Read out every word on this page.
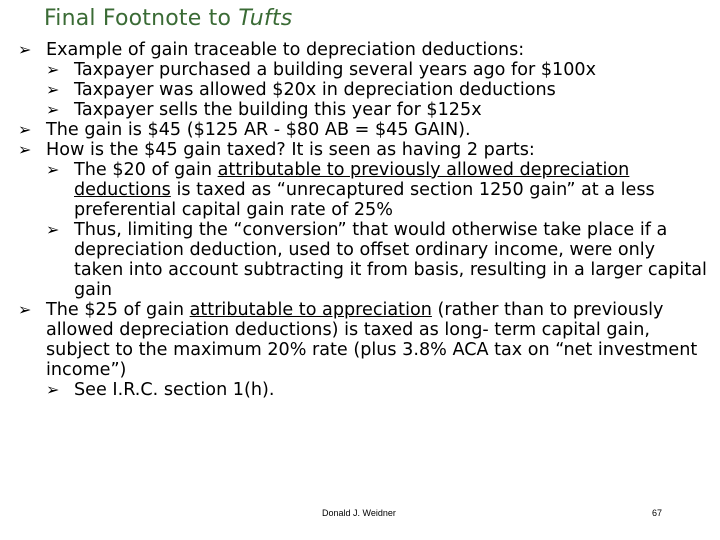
Final Footnote to Tufts

➢ Example of gain traceable to depreciation deductions:

➢ Taxpayer purchased a building several years ago for $100x

➢ Taxpayer was allowed $20x in depreciation deductions

➢ Taxpayer sells the building this year for $125x

➢ The gain is $45 ($125 AR - $80 AB = $45 GAIN).

➢ How is the $45 gain taxed? It is seen as having 2 parts:

➢ The $20 of gain attributable to previously allowed depreciation deductions is taxed as “unrecaptured section 1250 gain” at a less preferential capital gain rate of 25%

➢ Thus, limiting the “conversion” that would otherwise take place if a depreciation deduction, used to offset ordinary income, were only taken into account subtracting it from basis, resulting in a larger capital gain

➢ The $25 of gain attributable to appreciation (rather than to previously allowed depreciation deductions) is taxed as long- term capital gain, subject to the maximum 20% rate (plus 3.8% ACA tax on “net investment income”)

➢ See I.R.C. section 1(h).

Donald J. Weidner	67
